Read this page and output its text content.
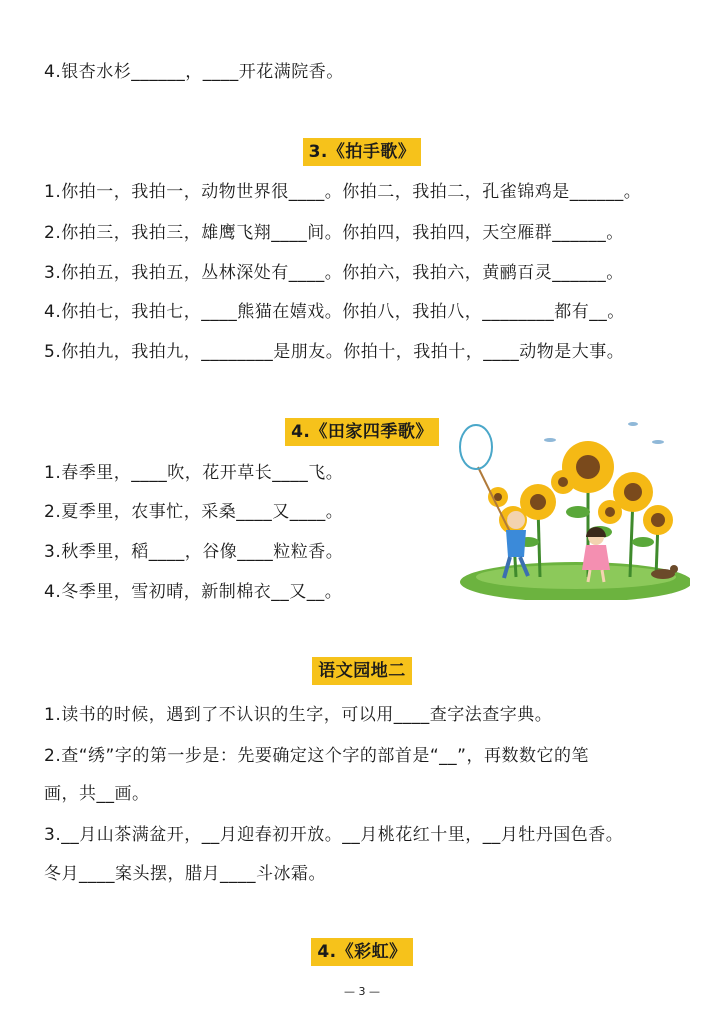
4.银杏水杉______，____开花满院香。
3.《拍手歌》
1.你拍一，我拍一，动物世界很____。你拍二，我拍二，孔雀锦鸡是______。
2.你拍三，我拍三，雄鹰飞翔____间。你拍四，我拍四，天空雁群______。
3.你拍五，我拍五，丛林深处有____。你拍六，我拍六，黄鹂百灵______。
4.你拍七，我拍七，____熊猫在嬉戏。你拍八，我拍八，________都有__。
5.你拍九，我拍九，________是朋友。你拍十，我拍十，____动物是大事。
4.《田家四季歌》
1.春季里，____吹，花开草长____飞。
2.夏季里，农事忙，采桑____又____。
3.秋季里，稻____，谷像____粒粒香。
4.冬季里，雪初晴，新制棉衣__又__。
语文园地二
1.读书的时候，遇到了不认识的生字，可以用____查字法查字典。
2.查“绣”字的第一步是：先要确定这个字的部首是“__”，再数数它的笔
画，共__画。
3.__月山茶满盆开，__月迎春初开放。__月桃花红十里，__月牡丹国色香。
冬月____案头摆，腊月____斗冰霜。
4.《彩虹》
— 3 —
